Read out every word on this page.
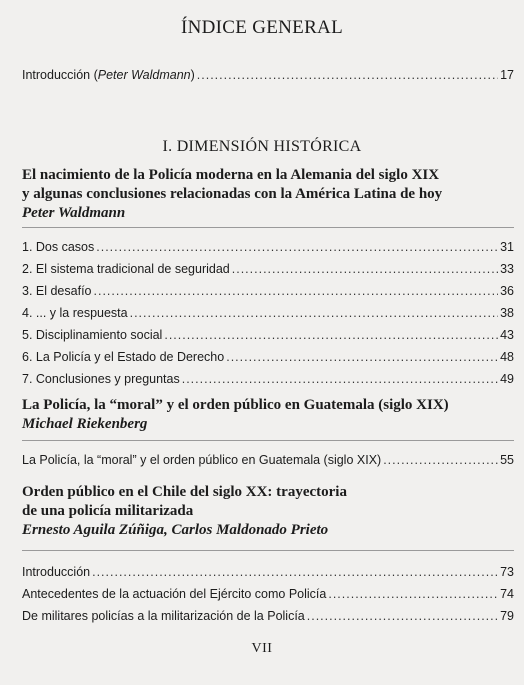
ÍNDICE GENERAL
Introducción (Peter Waldmann) .....	17
I. DIMENSIÓN HISTÓRICA
El nacimiento de la Policía moderna en la Alemania del siglo XIX
y algunas conclusiones relacionadas con la América Latina de hoy
Peter Waldmann
1. Dos casos .....	31
2. El sistema tradicional de seguridad .....	33
3. El desafío .....	36
4. ... y la respuesta .....	38
5. Disciplinamiento social .....	43
6. La Policía y el Estado de Derecho .....	48
7. Conclusiones y preguntas .....	49
La Policía, la “moral” y el orden público en Guatemala (siglo XIX)
Michael Riekenberg
La Policía, la “moral” y el orden público en Guatemala (siglo XIX) .....	55
Orden público en el Chile del siglo XX: trayectoria
de una policía militarizada
Ernesto Aguila Zúñiga, Carlos Maldonado Prieto
Introducción .....	73
Antecedentes de la actuación del Ejército como Policía .....	74
De militares policías a la militarización de la Policía .....	79
VII
